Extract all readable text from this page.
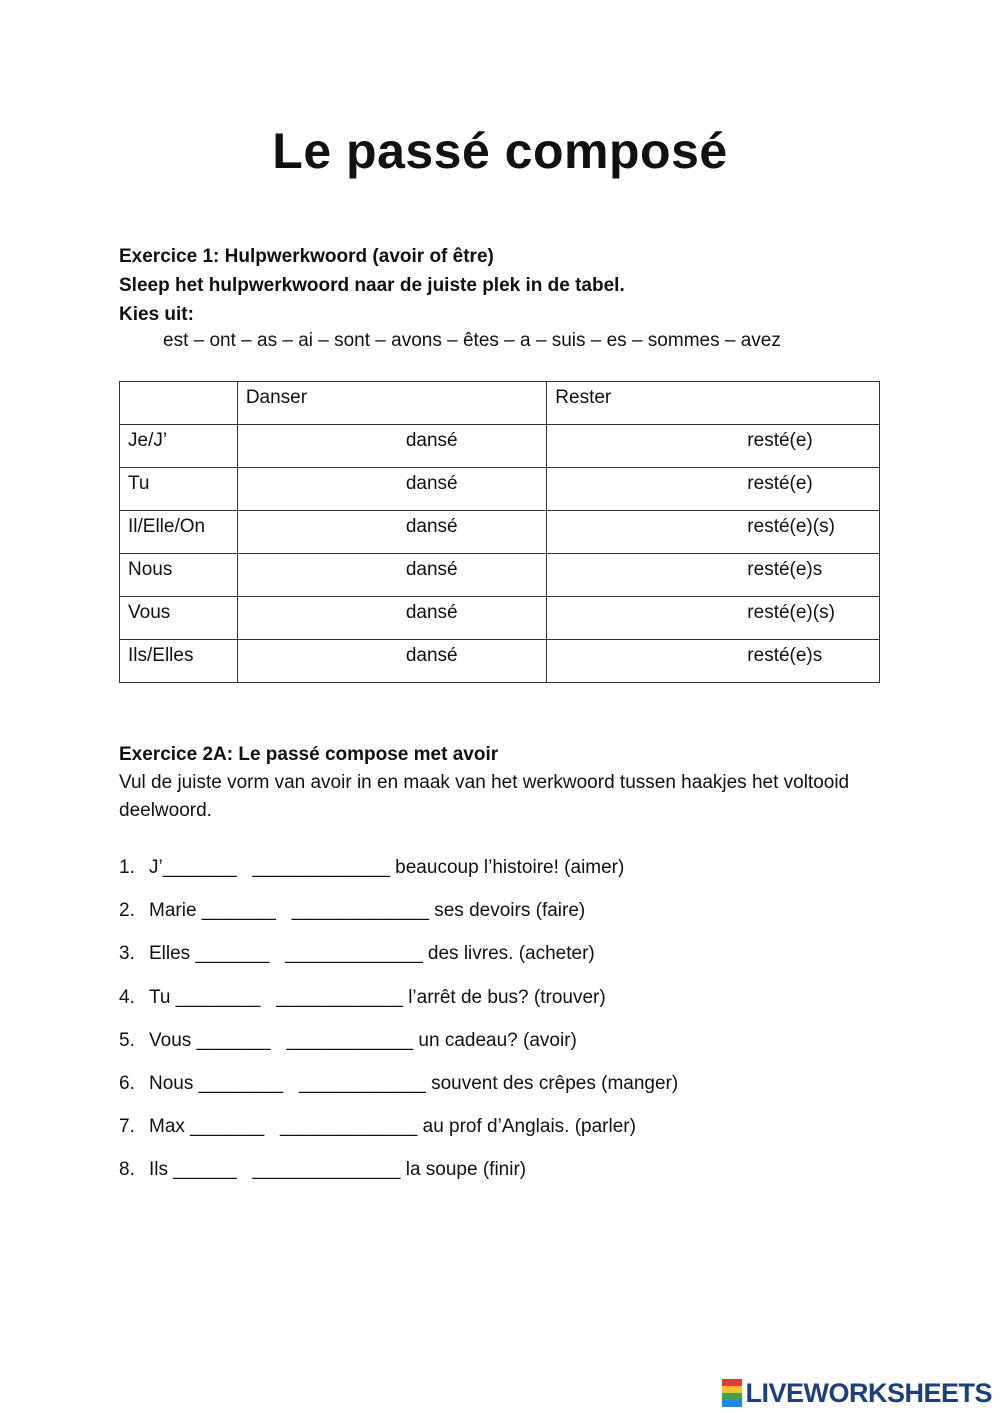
Le passé composé
Exercice 1: Hulpwerkwoord (avoir of être)
Sleep het hulpwerkwoord naar de juiste plek in de tabel.
Kies uit:
est – ont – as – ai – sont – avons – êtes – a – suis – es – sommes – avez
	Danser	Rester
Je/J’	dansé	resté(e)
Tu	dansé	resté(e)
Il/Elle/On	dansé	resté(e)(s)
Nous	dansé	resté(e)s
Vous	dansé	resté(e)(s)
Ils/Elles	dansé	resté(e)s
Exercice 2A: Le passé compose met avoir
Vul de juiste vorm van avoir in en maak van het werkwoord tussen haakjes het voltooid deelwoord.
1. J’_______   _____________ beaucoup l’histoire! (aimer)
2. Marie _______   _____________ ses devoirs (faire)
3. Elles _______   _____________ des livres. (acheter)
4. Tu ________   ____________ l’arrêt de bus? (trouver)
5. Vous _______   ____________ un cadeau? (avoir)
6. Nous ________   ____________ souvent des crêpes (manger)
7. Max _______   _____________ au prof d’Anglais. (parler)
8. Ils ______   ______________ la soupe (finir)
LIVEWORKSHEETS
